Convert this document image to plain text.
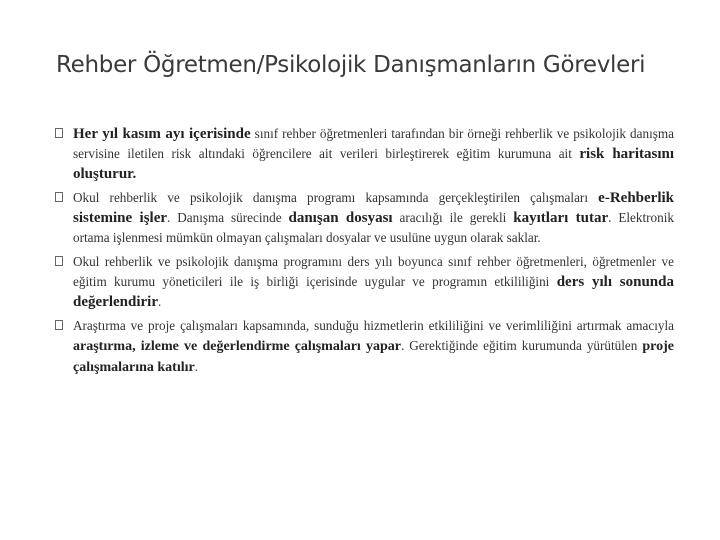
Rehber Öğretmen/Psikolojik Danışmanların Görevleri
Her yıl kasım ayı içerisinde sınıf rehber öğretmenleri tarafından bir örneği rehberlik ve psikolojik danışma servisine iletilen risk altındaki öğrencilere ait verileri birleştirerek eğitim kurumuna ait risk haritasını oluşturur.
Okul rehberlik ve psikolojik danışma programı kapsamında gerçekleştirilen çalışmaları e-Rehberlik sistemine işler. Danışma sürecinde danışan dosyası aracılığı ile gerekli kayıtları tutar. Elektronik ortama işlenmesi mümkün olmayan çalışmaları dosyalar ve usulüne uygun olarak saklar.
Okul rehberlik ve psikolojik danışma programını ders yılı boyunca sınıf rehber öğretmenleri, öğretmenler ve eğitim kurumu yöneticileri ile iş birliği içerisinde uygular ve programın etkililiğini ders yılı sonunda değerlendirir.
Araştırma ve proje çalışmaları kapsamında, sunduğu hizmetlerin etkililiğini ve verimliliğini artırmak amacıyla araştırma, izleme ve değerlendirme çalışmaları yapar. Gerektiğinde eğitim kurumunda yürütülen proje çalışmalarına katılır.
